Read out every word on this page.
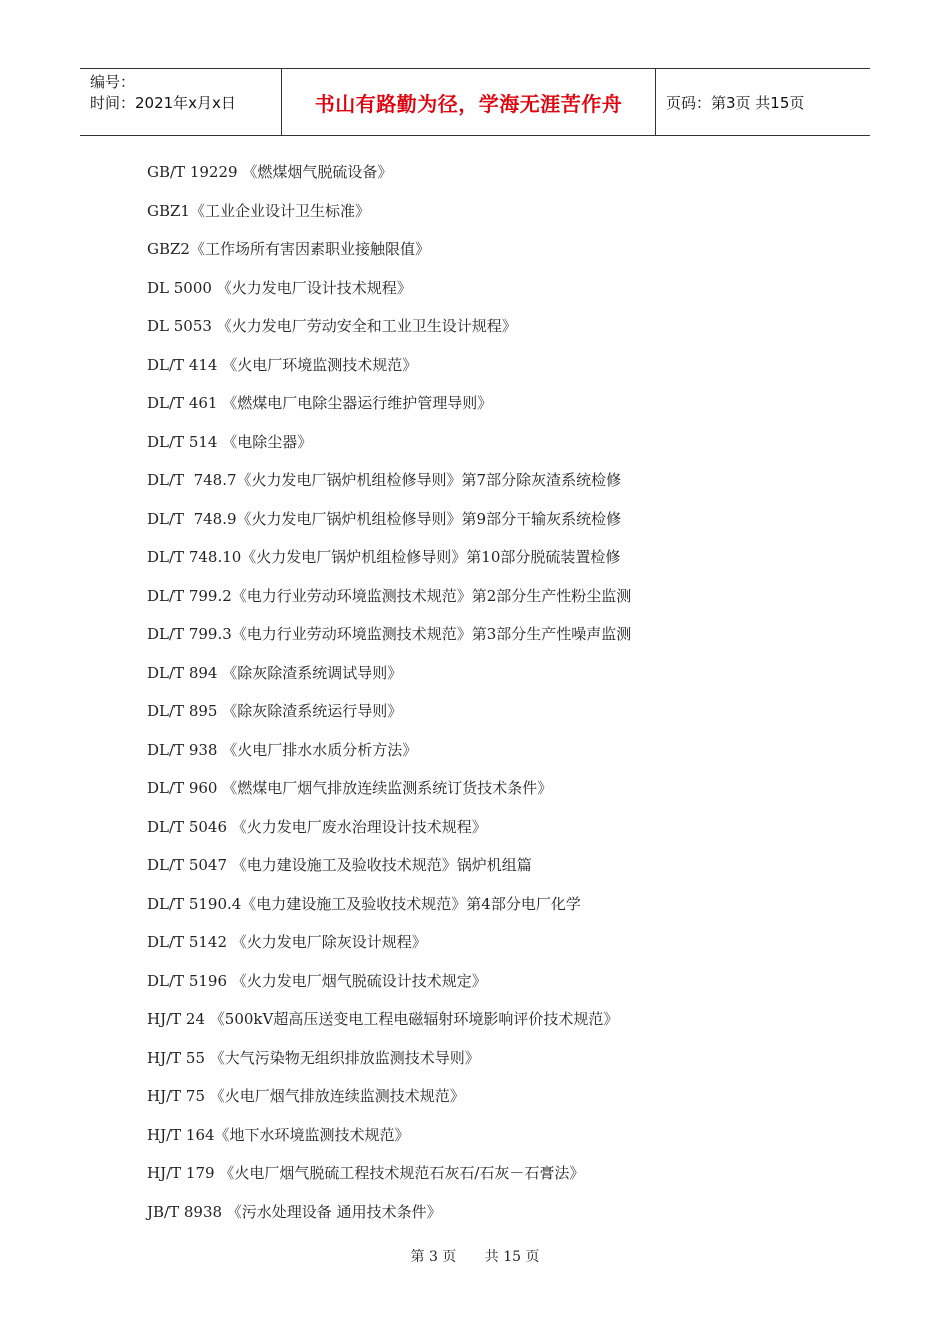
编号：
时间：2021年x月x日	书山有路勤为径，学海无涯苦作舟	页码：第3页 共15页
GB/T 19229 《燃煤烟气脱硫设备》
GBZ1《工业企业设计卫生标准》
GBZ2《工作场所有害因素职业接触限值》
DL 5000 《火力发电厂设计技术规程》
DL 5053 《火力发电厂劳动安全和工业卫生设计规程》
DL/T 414 《火电厂环境监测技术规范》
DL/T 461 《燃煤电厂电除尘器运行维护管理导则》
DL/T 514 《电除尘器》
DL/T  748.7《火力发电厂锅炉机组检修导则》第7部分除灰渣系统检修
DL/T  748.9《火力发电厂锅炉机组检修导则》第9部分干输灰系统检修
DL/T 748.10《火力发电厂锅炉机组检修导则》第10部分脱硫装置检修
DL/T 799.2《电力行业劳动环境监测技术规范》第2部分生产性粉尘监测
DL/T 799.3《电力行业劳动环境监测技术规范》第3部分生产性噪声监测
DL/T 894 《除灰除渣系统调试导则》
DL/T 895 《除灰除渣系统运行导则》
DL/T 938 《火电厂排水水质分析方法》
DL/T 960 《燃煤电厂烟气排放连续监测系统订货技术条件》
DL/T 5046 《火力发电厂废水治理设计技术规程》
DL/T 5047 《电力建设施工及验收技术规范》锅炉机组篇
DL/T 5190.4《电力建设施工及验收技术规范》第4部分电厂化学
DL/T 5142 《火力发电厂除灰设计规程》
DL/T 5196 《火力发电厂烟气脱硫设计技术规定》
HJ/T 24 《500kV超高压送变电工程电磁辐射环境影响评价技术规范》
HJ/T 55 《大气污染物无组织排放监测技术导则》
HJ/T 75 《火电厂烟气排放连续监测技术规范》
HJ/T 164《地下水环境监测技术规范》
HJ/T 179 《火电厂烟气脱硫工程技术规范石灰石/石灰－石膏法》
JB/T 8938 《污水处理设备 通用技术条件》
第 3 页 共 15 页
